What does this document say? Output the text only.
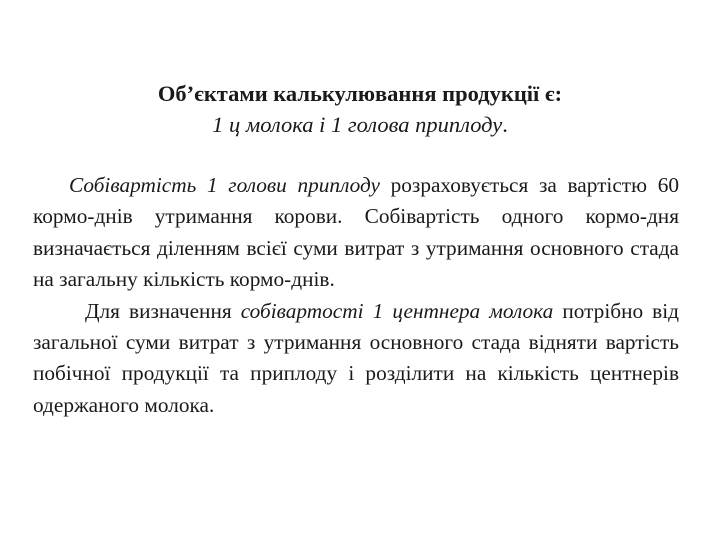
Об’єктами калькулювання продукції є:
1 ц молока і 1 голова приплоду.

Собівартість 1 голови приплоду розраховується за вартістю 60 кормо-днів утримання корови. Собівартість одного кормо-дня визначається діленням всієї суми витрат з утримання основного стада на загальну кількість кормо-днів.

Для визначення собівартості 1 центнера молока потрібно від загальної суми витрат з утримання основного стада відняти вартість побічної продукції та приплоду і розділити на кількість центнерів одержаного молока.
